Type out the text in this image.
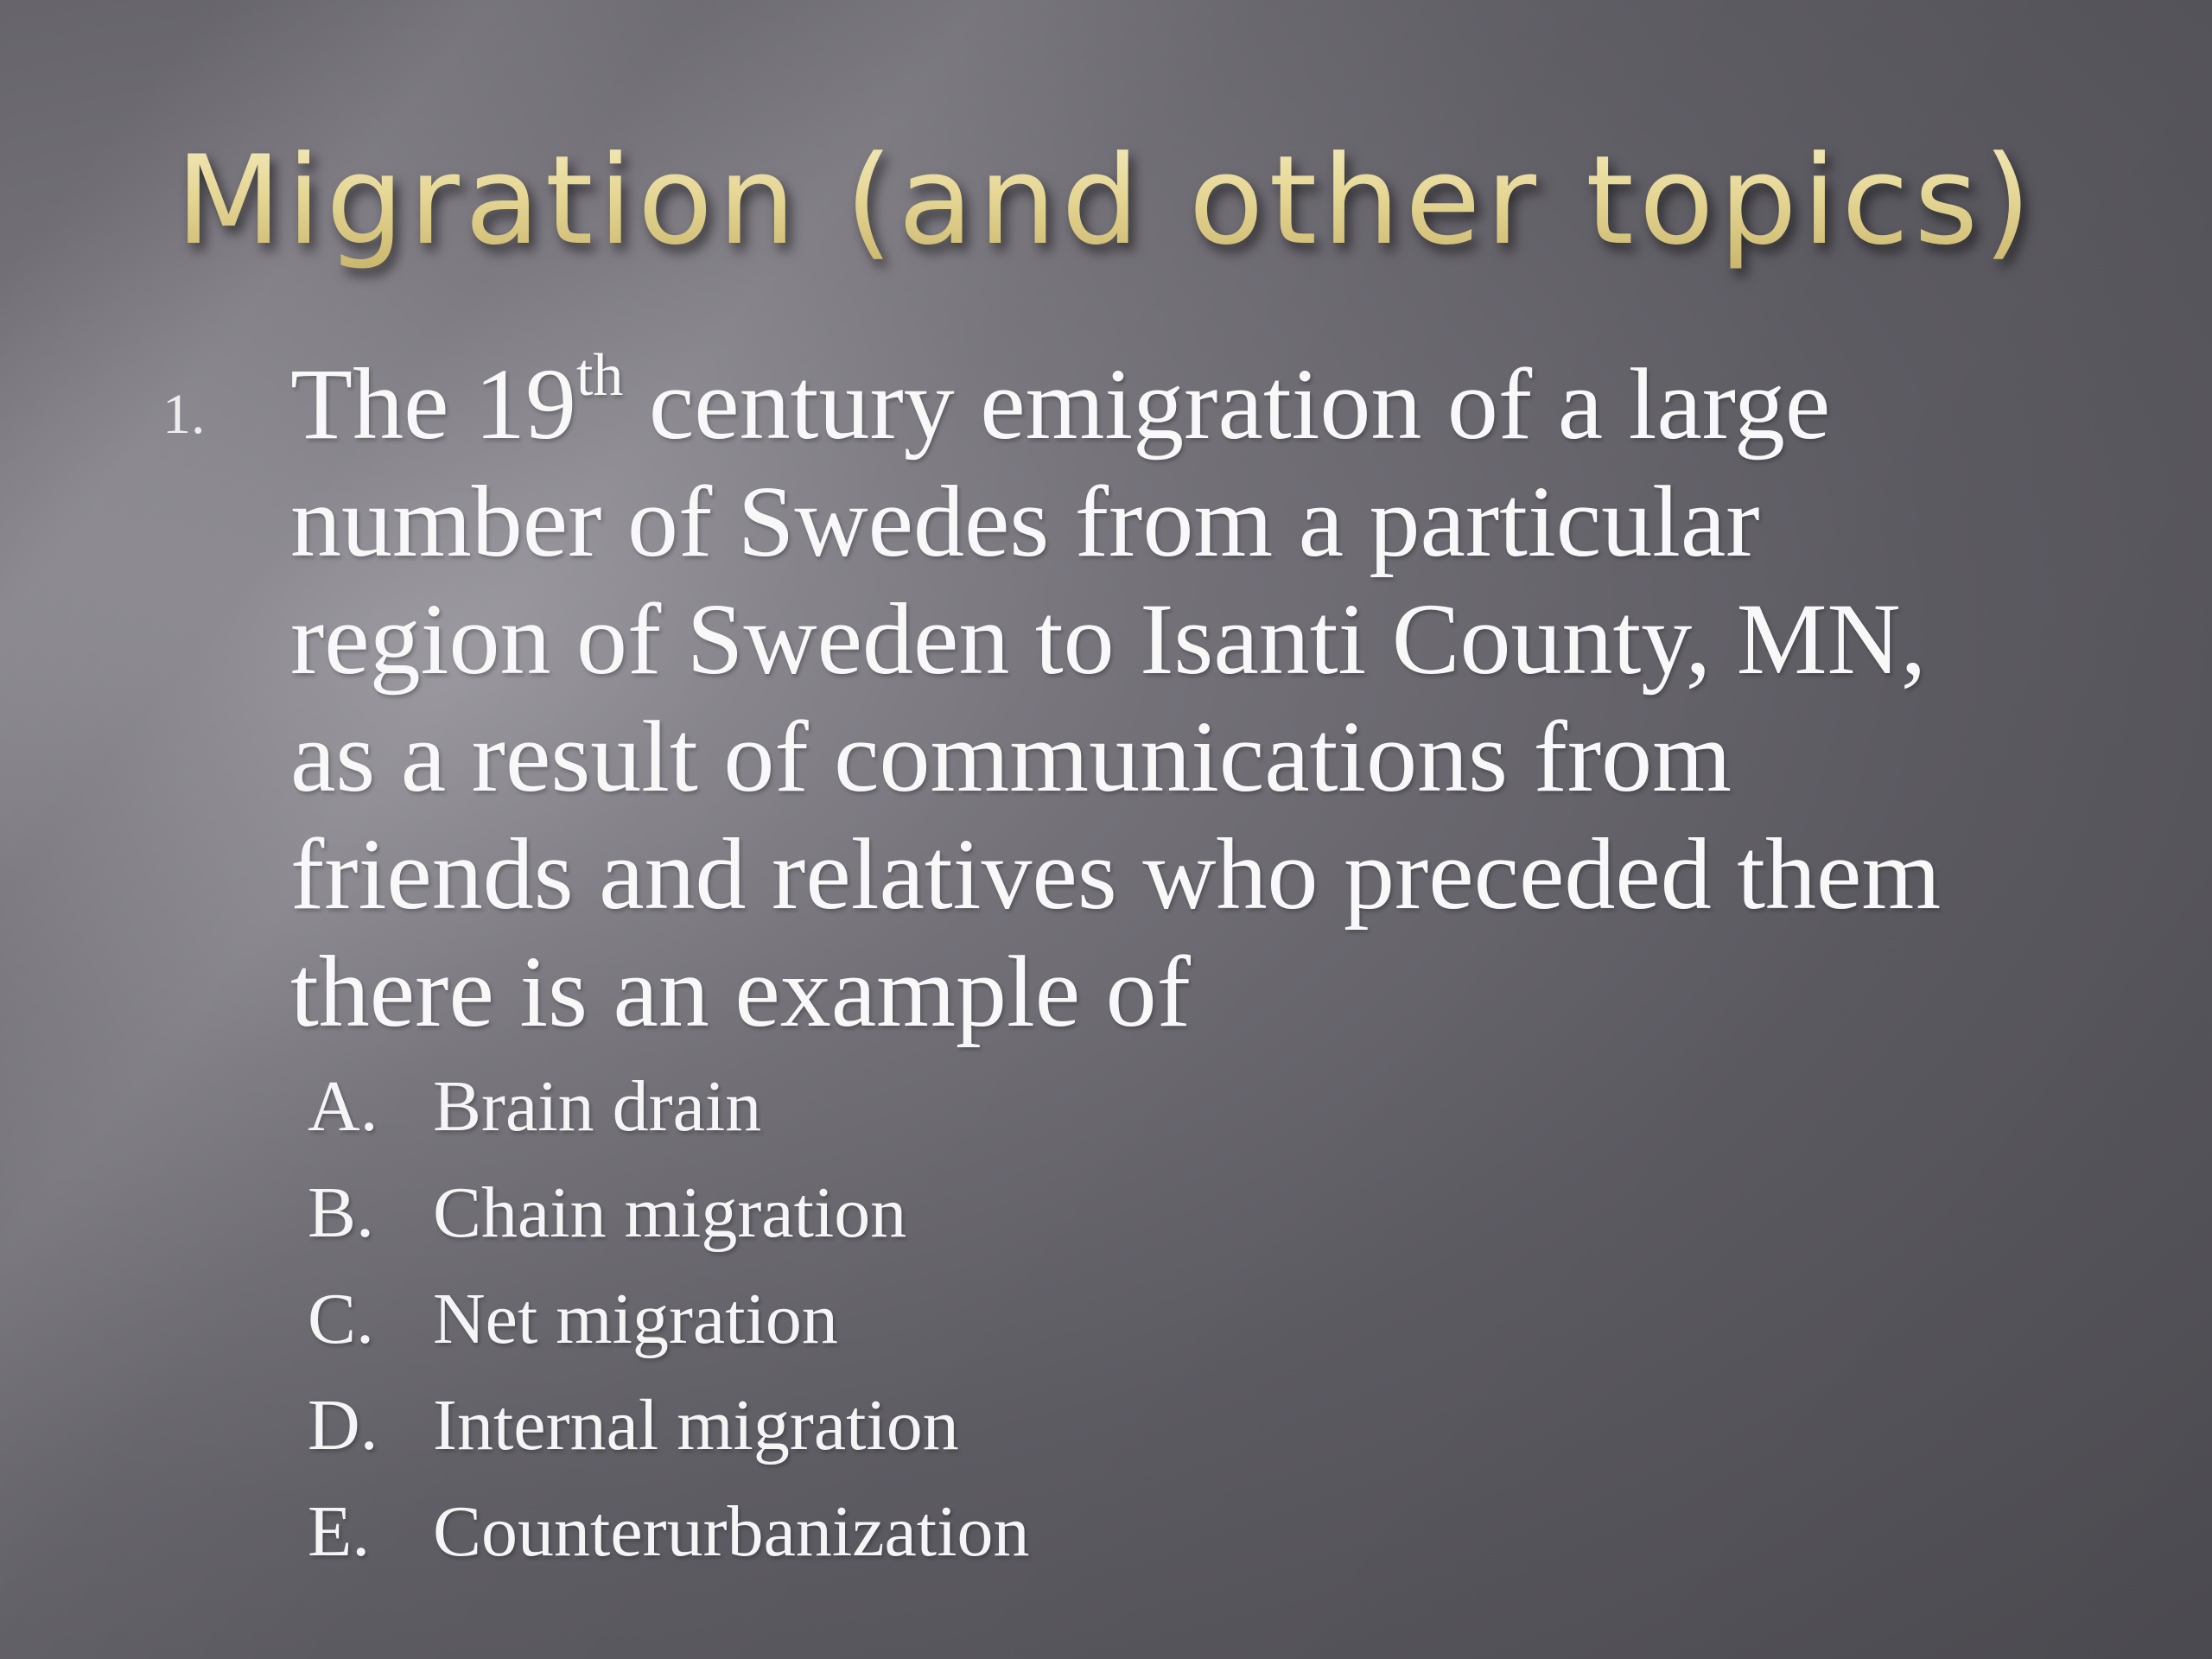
Migration (and other topics)
1. The 19th century emigration of a large
number of Swedes from a particular
region of Sweden to Isanti County, MN,
as a result of communications from
friends and relatives who preceded them
there is an example of
A. Brain drain
B. Chain migration
C. Net migration
D. Internal migration
E. Counterurbanization
